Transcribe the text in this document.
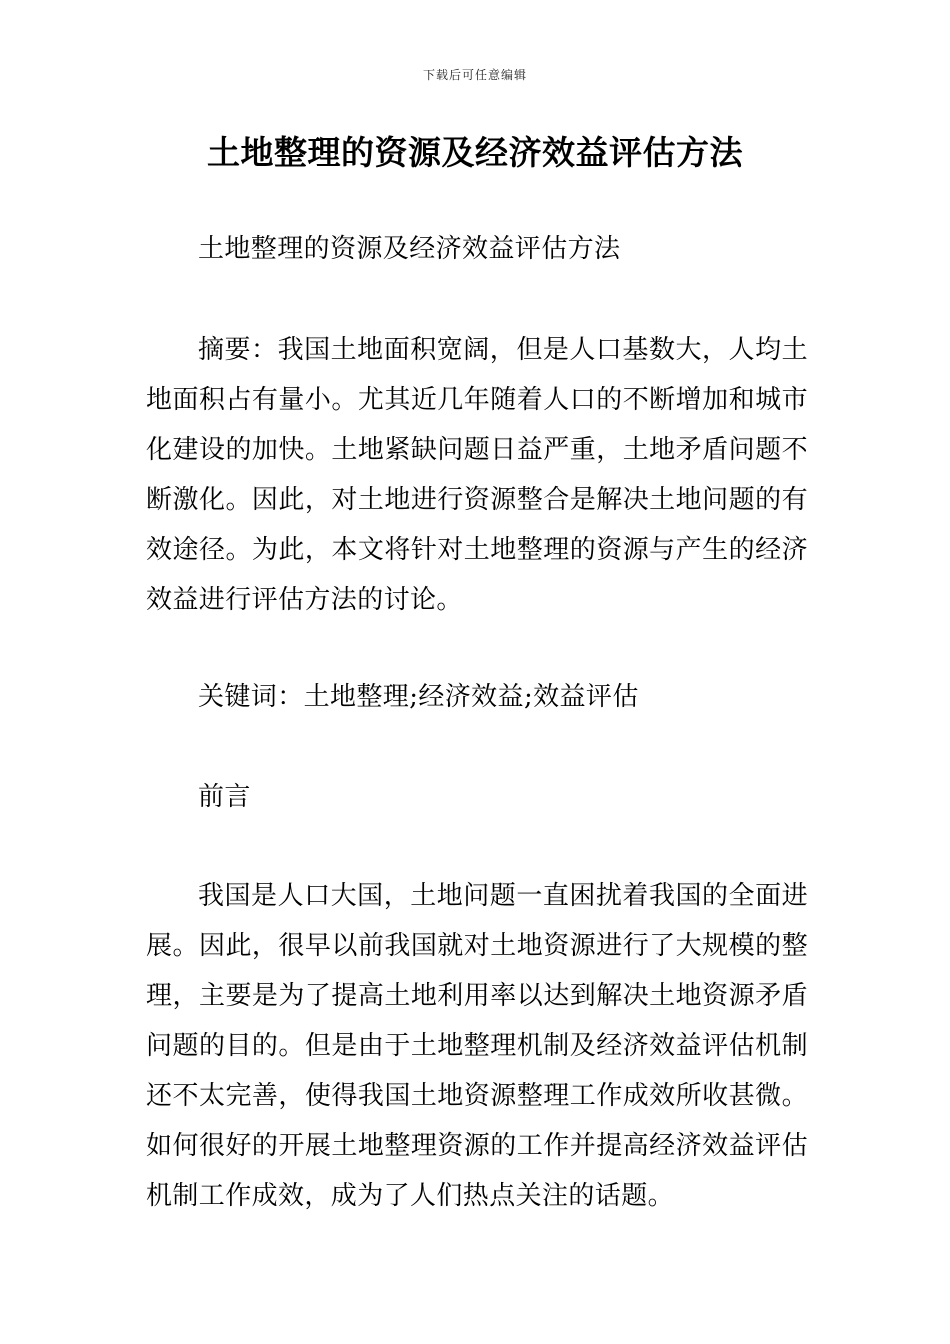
下载后可任意编辑
土地整理的资源及经济效益评估方法

土地整理的资源及经济效益评估方法

摘要：我国土地面积宽阔，但是人口基数大，人均土地面积占有量小。尤其近几年随着人口的不断增加和城市化建设的加快。土地紧缺问题日益严重，土地矛盾问题不断激化。因此，对土地进行资源整合是解决土地问题的有效途径。为此，本文将针对土地整理的资源与产生的经济效益进行评估方法的讨论。

关键词：土地整理;经济效益;效益评估

前言

我国是人口大国，土地问题一直困扰着我国的全面进展。因此，很早以前我国就对土地资源进行了大规模的整理，主要是为了提高土地利用率以达到解决土地资源矛盾问题的目的。但是由于土地整理机制及经济效益评估机制还不太完善，使得我国土地资源整理工作成效所收甚微。如何很好的开展土地整理资源的工作并提高经济效益评估机制工作成效，成为了人们热点关注的话题。
